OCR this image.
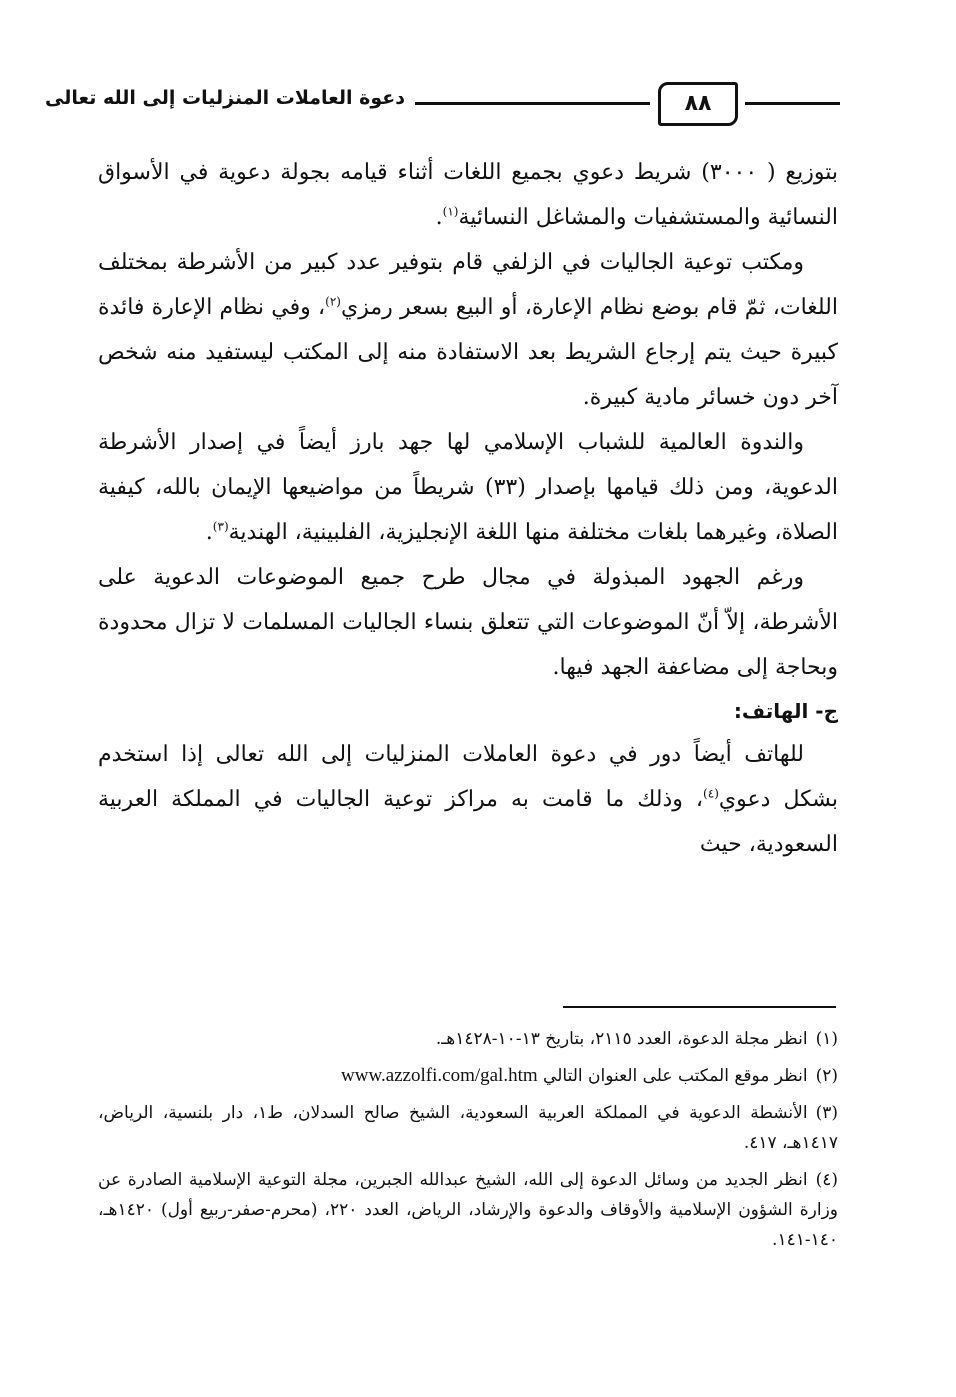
٨٨
دعوة العاملات المنزليات إلى الله تعالى

بتوزيع ( ٣٠٠٠) شريط دعوي بجميع اللغات أثناء قيامه بجولة دعوية في الأسواق النسائية والمستشفيات والمشاغل النسائية$^{(١)}$.

ومكتب توعية الجاليات في الزلفي قام بتوفير عدد كبير من الأشرطة بمختلف اللغات، ثمّ قام بوضع نظام الإعارة، أو البيع بسعر رمزي$^{(٢)}$، وفي نظام الإعارة فائدة كبيرة حيث يتم إرجاع الشريط بعد الاستفادة منه إلى المكتب ليستفيد منه شخص آخر دون خسائر مادية كبيرة.

والندوة العالمية للشباب الإسلامي لها جهد بارز أيضاً في إصدار الأشرطة الدعوية، ومن ذلك قيامها بإصدار (٣٣) شريطاً من مواضيعها الإيمان بالله، كيفية الصلاة، وغيرهما بلغات مختلفة منها اللغة الإنجليزية، الفلبينية، الهندية$^{(٣)}$.

ورغم الجهود المبذولة في مجال طرح جميع الموضوعات الدعوية على الأشرطة، إلاّ أنّ الموضوعات التي تتعلق بنساء الجاليات المسلمات لا تزال محدودة وبحاجة إلى مضاعفة الجهد فيها.

ج- الهاتف:

للهاتف أيضاً دور في دعوة العاملات المنزليات إلى الله تعالى إذا استخدم بشكل دعوي$^{(٤)}$، وذلك ما قامت به مراكز توعية الجاليات في المملكة العربية السعودية، حيث

(١)انظر مجلة الدعوة، العدد ٢١١٥، بتاريخ ١٣-١٠-١٤٢٨هـ.

(٢)انظر موقع المكتب على العنوان التالي www.azzolfi.com/gal.htm

(٣)الأنشطة الدعوية في المملكة العربية السعودية، الشيخ صالح السدلان، ط١، دار بلنسية، الرياض، ١٤١٧هـ، ٤١٧.

(٤)انظر الجديد من وسائل الدعوة إلى الله، الشيخ عبدالله الجبرين، مجلة التوعية الإسلامية الصادرة عن وزارة الشؤون الإسلامية والأوقاف والدعوة والإرشاد، الرياض، العدد ٢٢٠، (محرم-صفر-ربيع أول) ١٤٢٠هـ، ١٤٠-١٤١.
